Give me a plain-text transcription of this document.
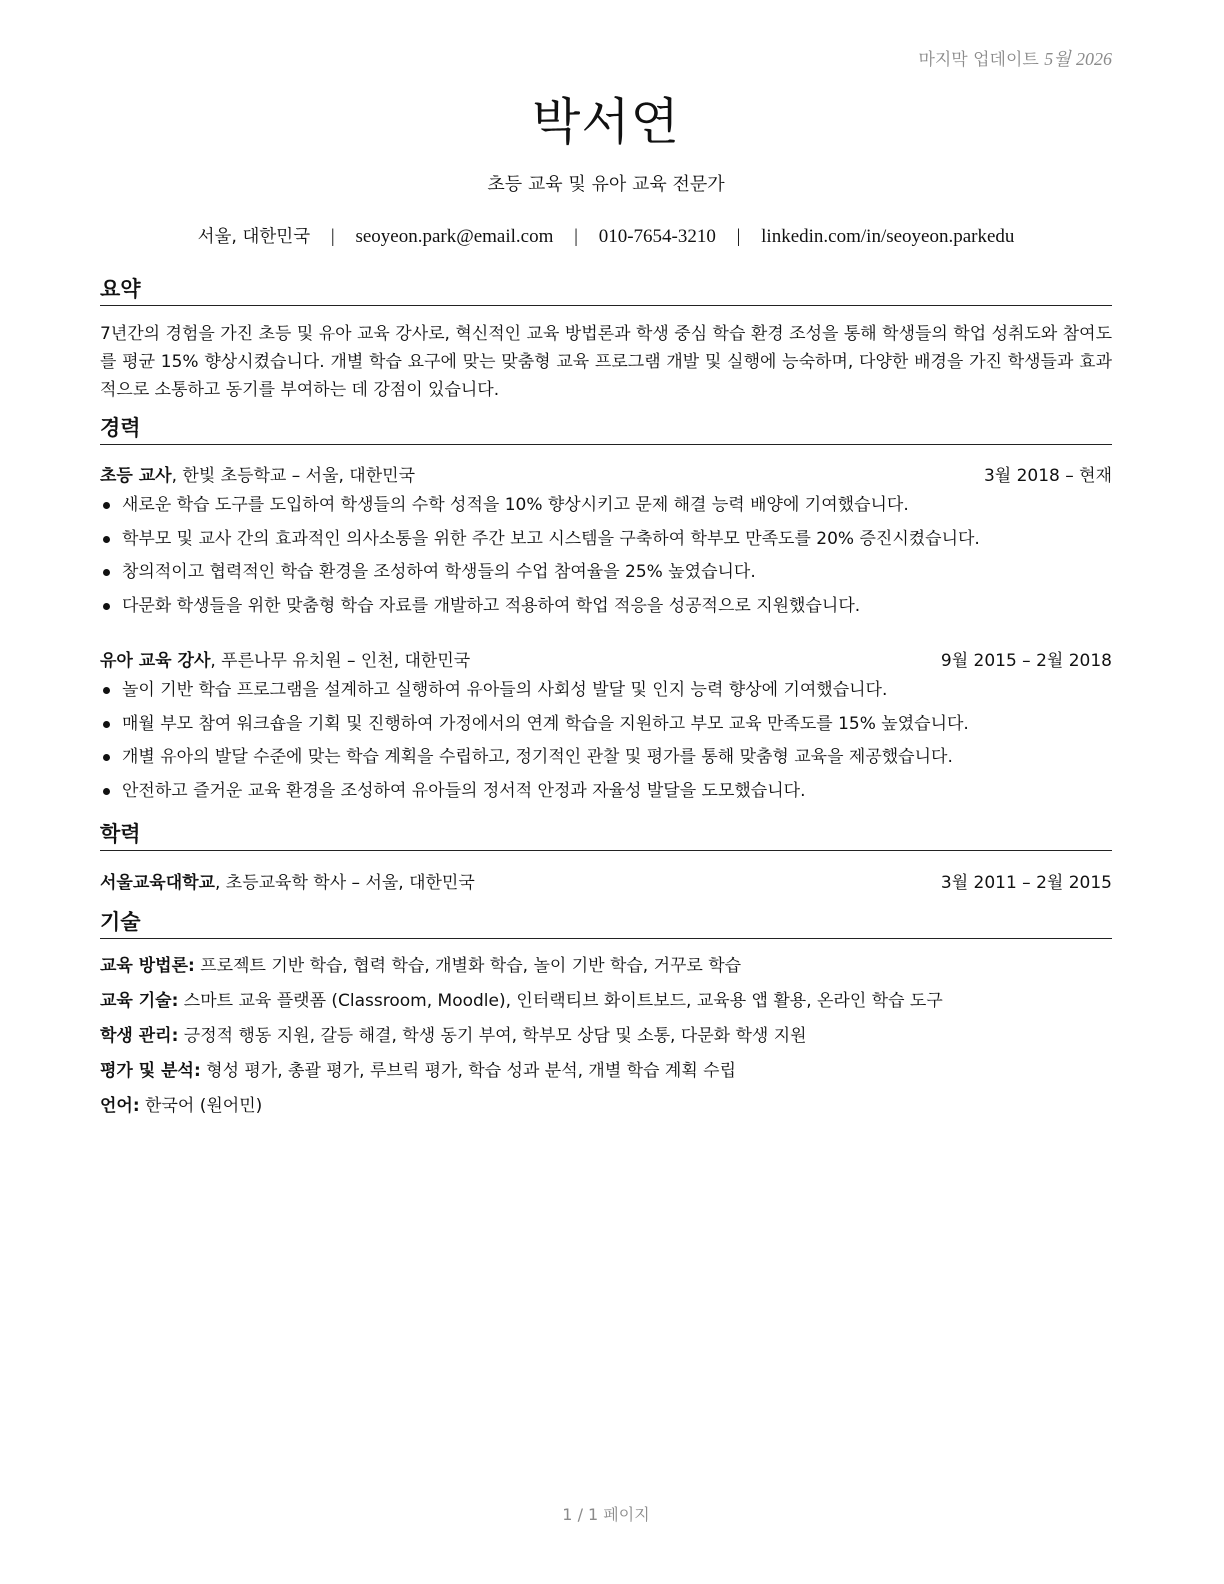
마지막 업데이트 5월 2026
박서연

초등 교육 및 유아 교육 전문가

서울, 대한민국 | seoyeon.park@email.com | 010-7654-3210 | linkedin.com/in/seoyeon.parkedu
요약

7년간의 경험을 가진 초등 및 유아 교육 강사로, 혁신적인 교육 방법론과 학생 중심 학습 환경 조성을 통해 학생들의 학업 성취도와 참여도를 평균 15% 향상시켰습니다. 개별 학습 요구에 맞는 맞춤형 교육 프로그램 개발 및 실행에 능숙하며, 다양한 배경을 가진 학생들과 효과적으로 소통하고 동기를 부여하는 데 강점이 있습니다.

경력
초등 교사, 한빛 초등학교 – 서울, 대한민국	3월 2018 – 현재
새로운 학습 도구를 도입하여 학생들의 수학 성적을 10% 향상시키고 문제 해결 능력 배양에 기여했습니다.
학부모 및 교사 간의 효과적인 의사소통을 위한 주간 보고 시스템을 구축하여 학부모 만족도를 20% 증진시켰습니다.
창의적이고 협력적인 학습 환경을 조성하여 학생들의 수업 참여율을 25% 높였습니다.
다문화 학생들을 위한 맞춤형 학습 자료를 개발하고 적용하여 학업 적응을 성공적으로 지원했습니다.
유아 교육 강사, 푸른나무 유치원 – 인천, 대한민국	9월 2015 – 2월 2018
놀이 기반 학습 프로그램을 설계하고 실행하여 유아들의 사회성 발달 및 인지 능력 향상에 기여했습니다.
매월 부모 참여 워크숍을 기획 및 진행하여 가정에서의 연계 학습을 지원하고 부모 교육 만족도를 15% 높였습니다.
개별 유아의 발달 수준에 맞는 학습 계획을 수립하고, 정기적인 관찰 및 평가를 통해 맞춤형 교육을 제공했습니다.
안전하고 즐거운 교육 환경을 조성하여 유아들의 정서적 안정과 자율성 발달을 도모했습니다.
학력
서울교육대학교, 초등교육학 학사 – 서울, 대한민국	3월 2011 – 2월 2015
기술
교육 방법론: 프로젝트 기반 학습, 협력 학습, 개별화 학습, 놀이 기반 학습, 거꾸로 학습
교육 기술: 스마트 교육 플랫폼 (Classroom, Moodle), 인터랙티브 화이트보드, 교육용 앱 활용, 온라인 학습 도구
학생 관리: 긍정적 행동 지원, 갈등 해결, 학생 동기 부여, 학부모 상담 및 소통, 다문화 학생 지원
평가 및 분석: 형성 평가, 총괄 평가, 루브릭 평가, 학습 성과 분석, 개별 학습 계획 수립
언어: 한국어 (원어민)
1 / 1 페이지
